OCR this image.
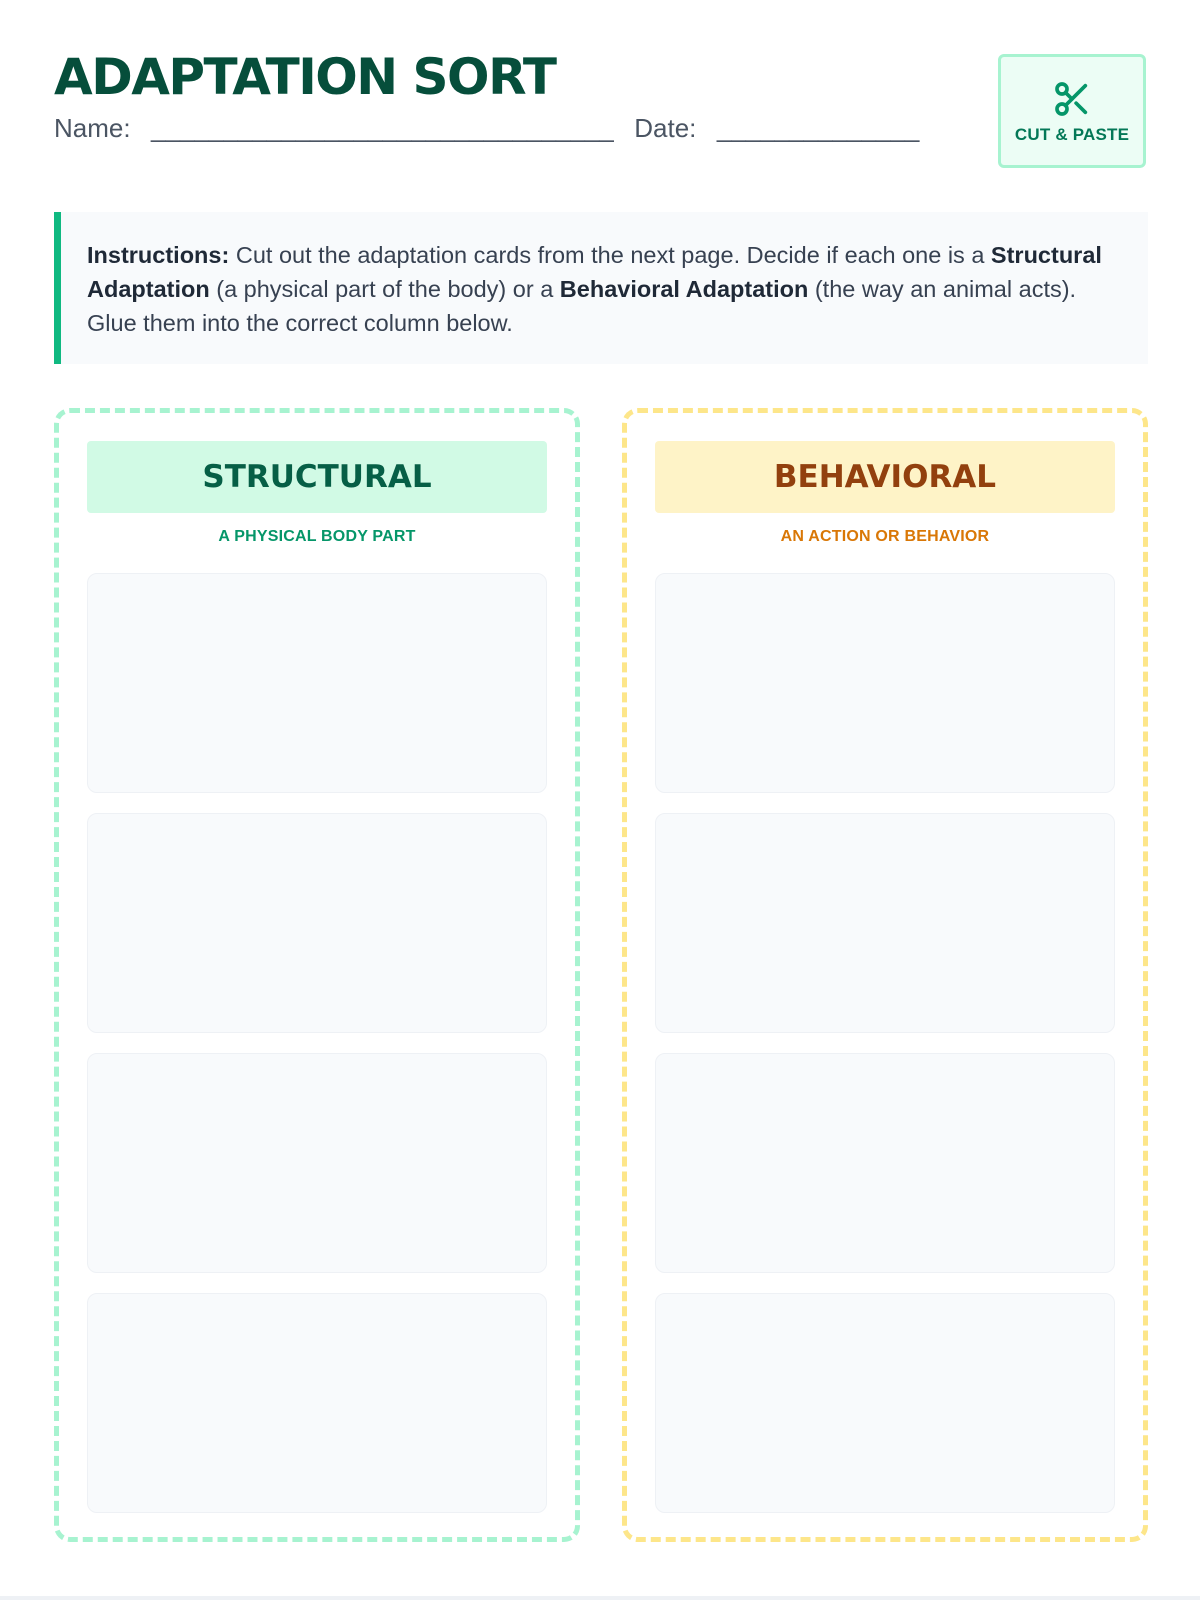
ADAPTATION SORT
Name: ________________________________ Date: ______________	CUT & PASTE
Instructions: Cut out the adaptation cards from the next page. Decide if each one is a Structural Adaptation (a physical part of the body) or a Behavioral Adaptation (the way an animal acts). Glue them into the correct column below.
STRUCTURAL
A PHYSICAL BODY PART
BEHAVIORAL
AN ACTION OR BEHAVIOR
